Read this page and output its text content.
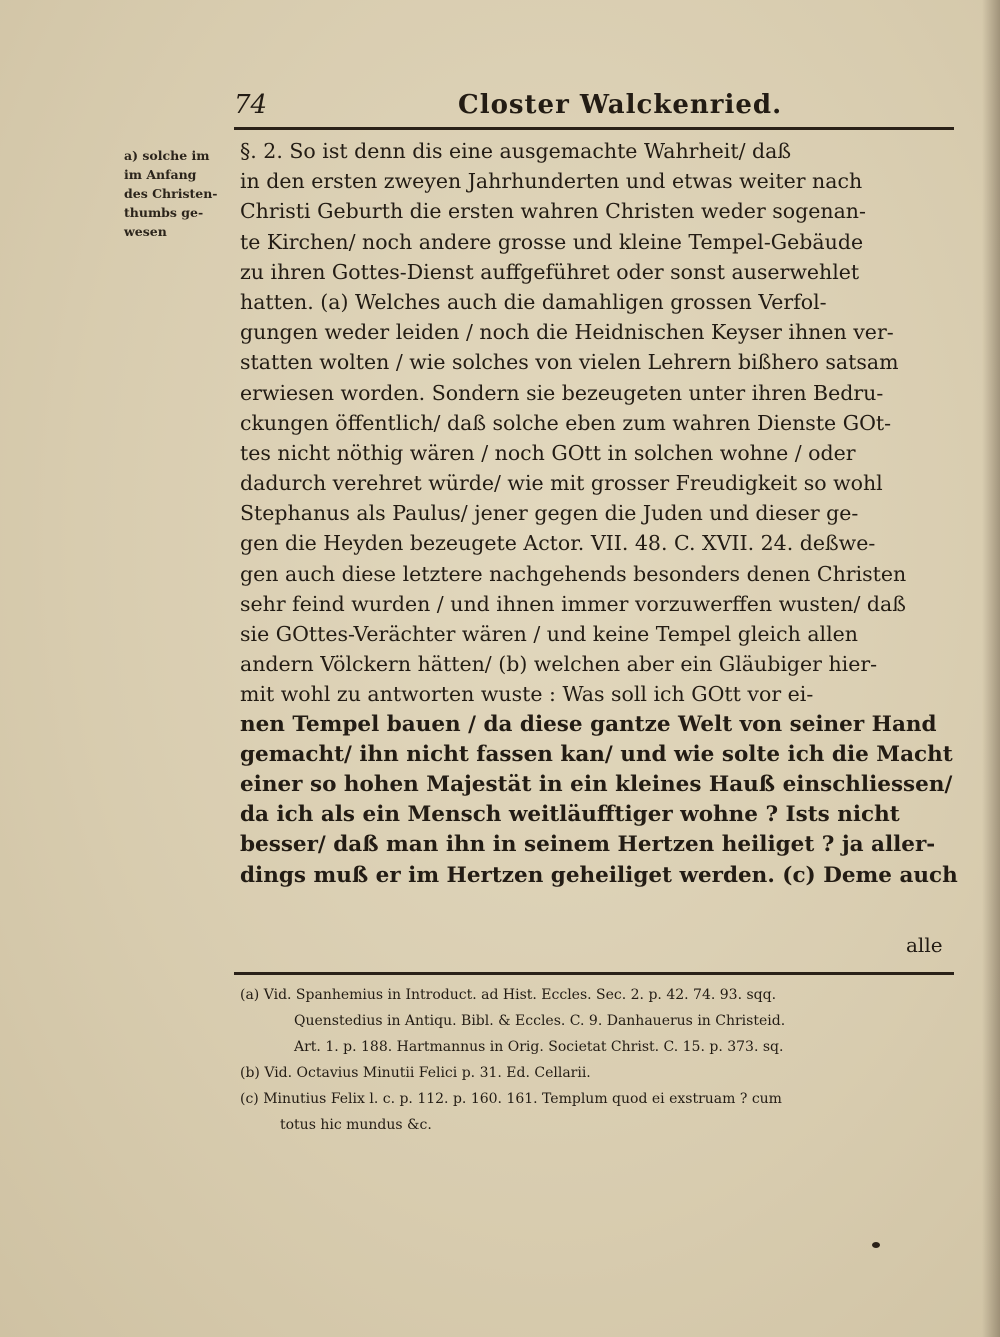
74	Closter Walckenried.
a) solche im
im Anfang
des Christen-
thumbs ge-
wesen
§. 2. So ist denn dis eine ausgemachte Wahrheit/ daß
in den ersten zweyen Jahrhunderten und etwas weiter nach
Christi Geburth die ersten wahren Christen weder sogenan-
te Kirchen/ noch andere grosse und kleine Tempel-Gebäude
zu ihren Gottes-Dienst auffgeführet oder sonst auserwehlet
hatten. (a) Welches auch die damahligen grossen Verfol-
gungen weder leiden / noch die Heidnischen Keyser ihnen ver-
statten wolten / wie solches von vielen Lehrern bißhero satsam
erwiesen worden. Sondern sie bezeugeten unter ihren Bedru-
ckungen öffentlich/ daß solche eben zum wahren Dienste GOt-
tes nicht nöthig wären / noch GOtt in solchen wohne / oder
dadurch verehret würde/ wie mit grosser Freudigkeit so wohl
Stephanus als Paulus/ jener gegen die Juden und dieser ge-
gen die Heyden bezeugete Actor. VII. 48. C. XVII. 24. deßwe-
gen auch diese letztere nachgehends besonders denen Christen
sehr feind wurden / und ihnen immer vorzuwerffen wusten/ daß
sie GOttes-Verächter wären / und keine Tempel gleich allen
andern Völckern hätten/ (b) welchen aber ein Gläubiger hier-
mit wohl zu antworten wuste : Was soll ich GOtt vor ei-
nen Tempel bauen / da diese gantze Welt von seiner Hand
gemacht/ ihn nicht fassen kan/ und wie solte ich die Macht
einer so hohen Majestät in ein kleines Hauß einschliessen/
da ich als ein Mensch weitläufftiger wohne ? Ists nicht
besser/ daß man ihn in seinem Hertzen heiliget ? ja aller-
dings muß er im Hertzen geheiliget werden. (c) Deme auch
alle
(a) Vid. Spanhemius in Introduct. ad Hist. Eccles. Sec. 2. p. 42. 74. 93. sqq.
Quenstedius in Antiqu. Bibl. & Eccles. C. 9. Danhauerus in Christeid.
Art. 1. p. 188. Hartmannus in Orig. Societat Christ. C. 15. p. 373. sq.
(b) Vid. Octavius Minutii Felici p. 31. Ed. Cellarii.
(c) Minutius Felix l. c. p. 112. p. 160. 161. Templum quod ei exstruam ? cum
totus hic mundus &c.
